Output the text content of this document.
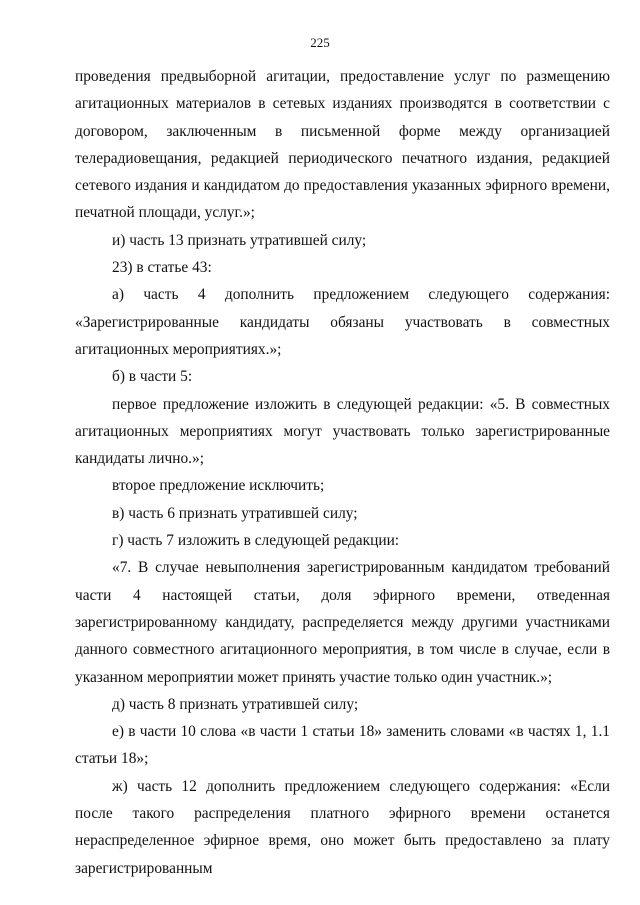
225

проведения предвыборной агитации, предоставление услуг по размещению агитационных материалов в сетевых изданиях производятся в соответствии с договором, заключенным в письменной форме между организацией телерадиовещания, редакцией периодического печатного издания, редакцией сетевого издания и кандидатом до предоставления указанных эфирного времени, печатной площади, услуг.»;

и) часть 13 признать утратившей силу;

23) в статье 43:

а) часть 4 дополнить предложением следующего содержания: «Зарегистрированные кандидаты обязаны участвовать в совместных агитационных мероприятиях.»;

б) в части 5:

первое предложение изложить в следующей редакции: «5. В совместных агитационных мероприятиях могут участвовать только зарегистрированные кандидаты лично.»;

второе предложение исключить;

в) часть 6 признать утратившей силу;

г) часть 7 изложить в следующей редакции:

«7. В случае невыполнения зарегистрированным кандидатом требований части 4 настоящей статьи, доля эфирного времени, отведенная зарегистрированному кандидату, распределяется между другими участниками данного совместного агитационного мероприятия, в том числе в случае, если в указанном мероприятии может принять участие только один участник.»;

д) часть 8 признать утратившей силу;

е) в части 10 слова «в части 1 статьи 18» заменить словами «в частях 1, 1.1 статьи 18»;

ж) часть 12 дополнить предложением следующего содержания: «Если после такого распределения платного эфирного времени останется нераспределенное эфирное время, оно может быть предоставлено за плату зарегистрированным
